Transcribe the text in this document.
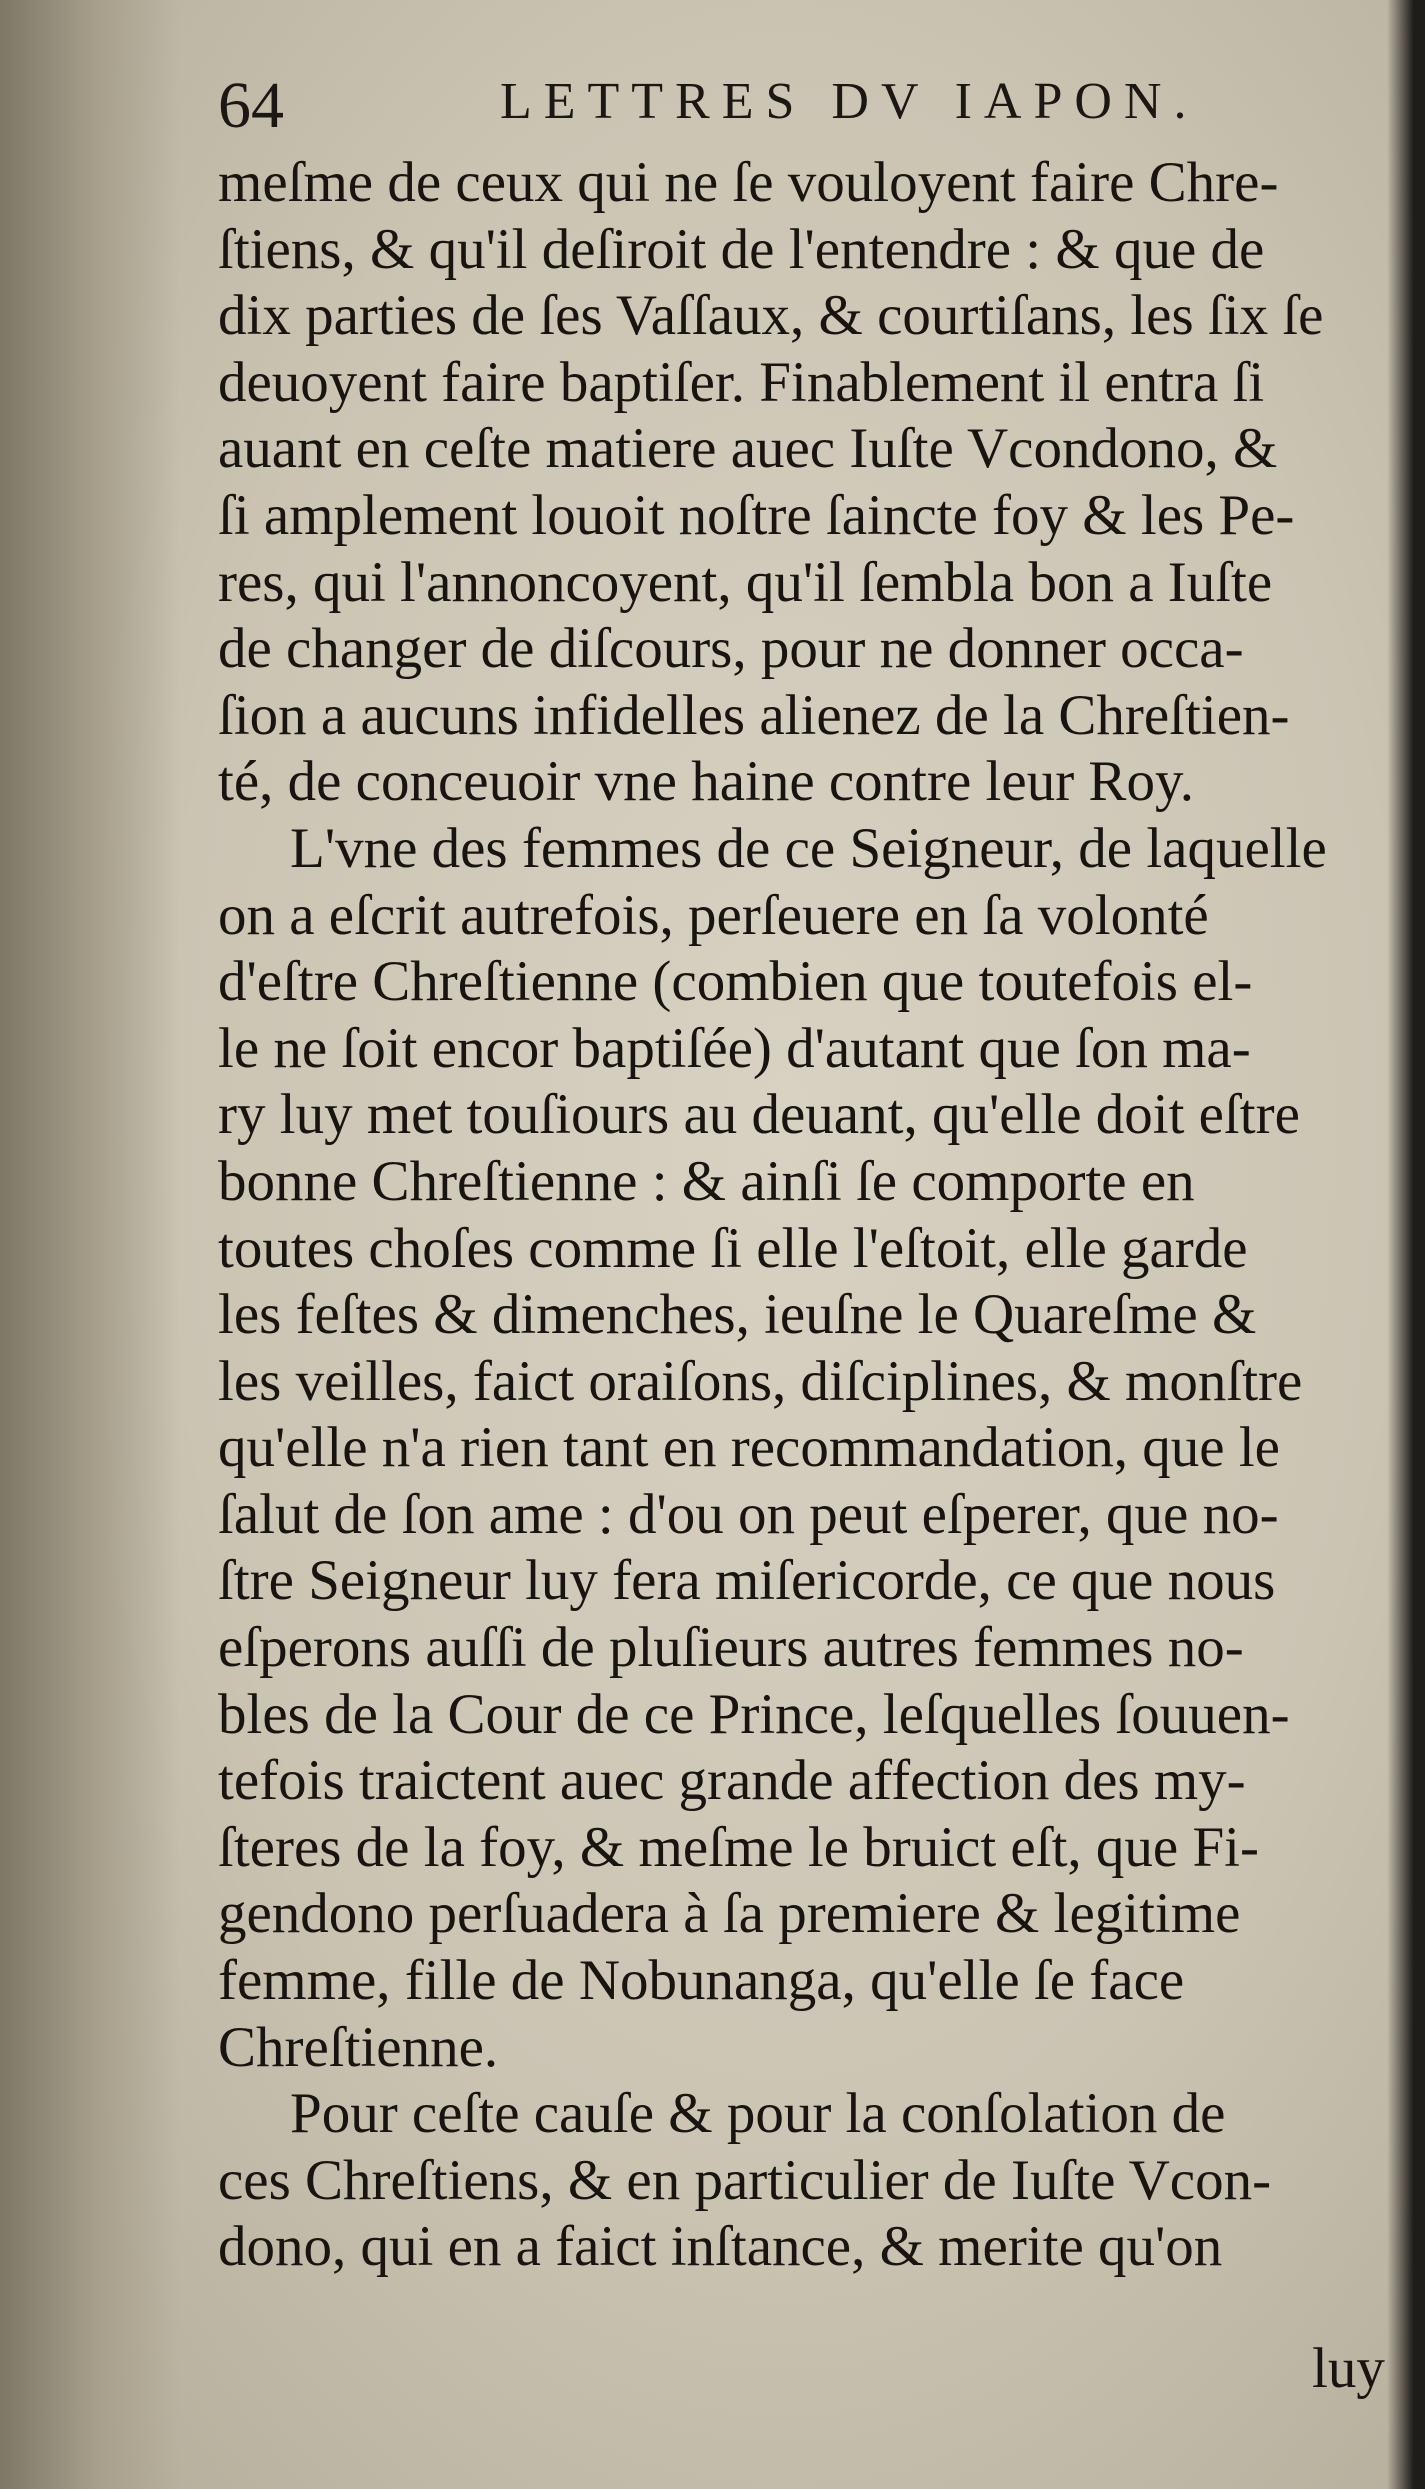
64	LETTRES DV IAPON.
meſme de ceux qui ne ſe vouloyent faire Chre-
ſtiens, & qu'il deſiroit de l'entendre : & que de
dix parties de ſes Vaſſaux, & courtiſans, les ſix ſe
deuoyent faire baptiſer. Finablement il entra ſi
auant en ceſte matiere auec Iuſte Vcondono, &
ſi amplement louoit noſtre ſaincte foy & les Pe-
res, qui l'annoncoyent, qu'il ſembla bon a Iuſte
de changer de diſcours, pour ne donner occa-
ſion a aucuns infidelles alienez de la Chreſtien-
té, de conceuoir vne haine contre leur Roy.
L'vne des femmes de ce Seigneur, de laquelle
on a eſcrit autrefois, perſeuere en ſa volonté
d'eſtre Chreſtienne (combien que toutefois el-
le ne ſoit encor baptiſée) d'autant que ſon ma-
ry luy met touſiours au deuant, qu'elle doit eſtre
bonne Chreſtienne : & ainſi ſe comporte en
toutes choſes comme ſi elle l'eſtoit, elle garde
les feſtes & dimenches, ieuſne le Quareſme &
les veilles, faict oraiſons, diſciplines, & monſtre
qu'elle n'a rien tant en recommandation, que le
ſalut de ſon ame : d'ou on peut eſperer, que no-
ſtre Seigneur luy fera miſericorde, ce que nous
eſperons auſſi de pluſieurs autres femmes no-
bles de la Cour de ce Prince, leſquelles ſouuen-
tefois traictent auec grande affection des my-
ſteres de la foy, & meſme le bruict eſt, que Fi-
gendono perſuadera à ſa premiere & legitime
femme, fille de Nobunanga, qu'elle ſe face
Chreſtienne.
Pour ceſte cauſe & pour la conſolation de
ces Chreſtiens, & en particulier de Iuſte Vcon-
dono, qui en a faict inſtance, & merite qu'on
luy
